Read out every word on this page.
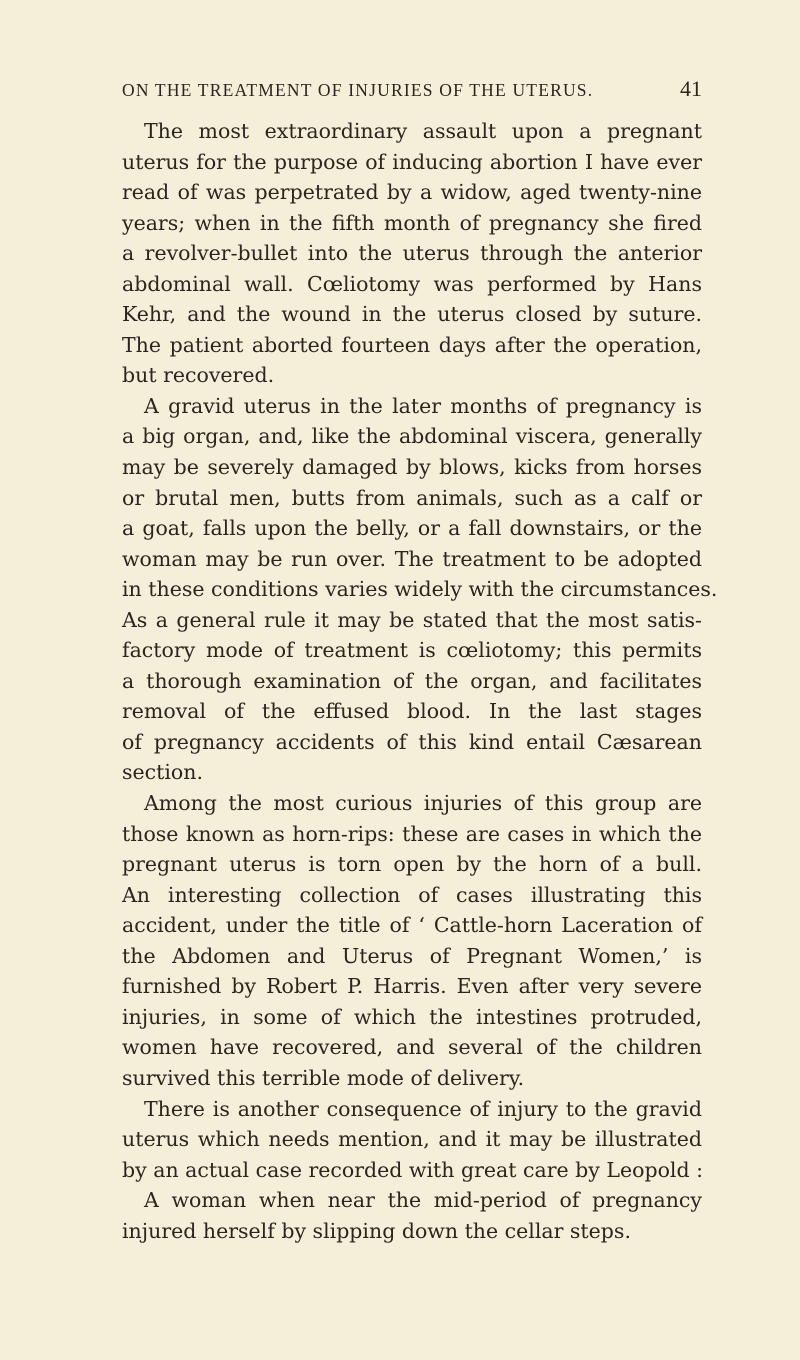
ON THE TREATMENT OF INJURIES OF THE UTERUS.	41
The most extraordinary assault upon a pregnant
uterus for the purpose of inducing abortion I have ever
read of was perpetrated by a widow, aged twenty-nine
years; when in the fifth month of pregnancy she fired
a revolver-bullet into the uterus through the anterior
abdominal wall. Cœliotomy was performed by Hans
Kehr, and the wound in the uterus closed by suture.
The patient aborted fourteen days after the operation,
but recovered.
A gravid uterus in the later months of pregnancy is
a big organ, and, like the abdominal viscera, generally
may be severely damaged by blows, kicks from horses
or brutal men, butts from animals, such as a calf or
a goat, falls upon the belly, or a fall downstairs, or the
woman may be run over. The treatment to be adopted
in these conditions varies widely with the circumstances.
As a general rule it may be stated that the most satis-
factory mode of treatment is cœliotomy; this permits
a thorough examination of the organ, and facilitates
removal of the effused blood. In the last stages
of pregnancy accidents of this kind entail Cæsarean
section.
Among the most curious injuries of this group are
those known as horn-rips: these are cases in which the
pregnant uterus is torn open by the horn of a bull.
An interesting collection of cases illustrating this
accident, under the title of ‘ Cattle-horn Laceration of
the Abdomen and Uterus of Pregnant Women,’ is
furnished by Robert P. Harris. Even after very severe
injuries, in some of which the intestines protruded,
women have recovered, and several of the children
survived this terrible mode of delivery.
There is another consequence of injury to the gravid
uterus which needs mention, and it may be illustrated
by an actual case recorded with great care by Leopold :
A woman when near the mid-period of pregnancy
injured herself by slipping down the cellar steps.
